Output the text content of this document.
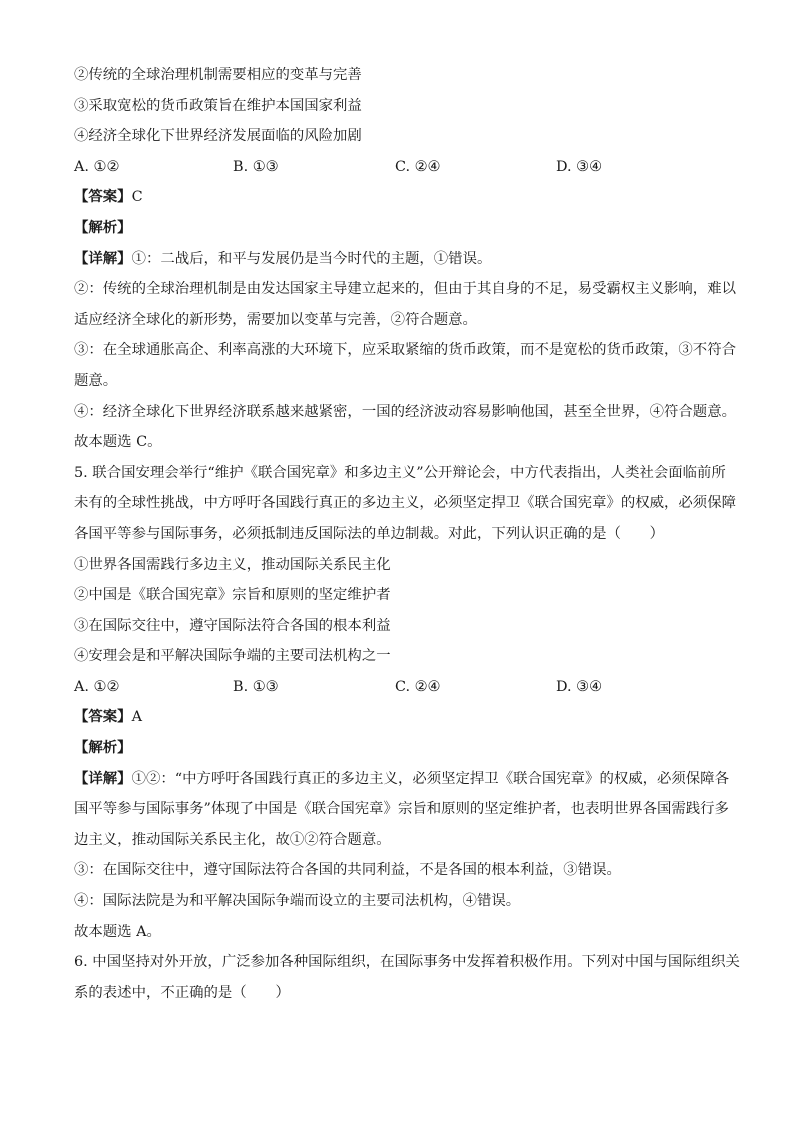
②传统的全球治理机制需要相应的变革与完善
③采取宽松的货币政策旨在维护本国国家利益
④经济全球化下世界经济发展面临的风险加剧
A. ①②	B. ①③	C. ②④	D. ③④
【答案】C
【解析】
【详解】①：二战后，和平与发展仍是当今时代的主题，①错误。
②：传统的全球治理机制是由发达国家主导建立起来的，但由于其自身的不足，易受霸权主义影响，难以
适应经济全球化的新形势，需要加以变革与完善，②符合题意。
③：在全球通胀高企、利率高涨的大环境下，应采取紧缩的货币政策，而不是宽松的货币政策，③不符合
题意。
④：经济全球化下世界经济联系越来越紧密，一国的经济波动容易影响他国，甚至全世界，④符合题意。
故本题选 C。
5. 联合国安理会举行“维护《联合国宪章》和多边主义”公开辩论会，中方代表指出，人类社会面临前所
未有的全球性挑战，中方呼吁各国践行真正的多边主义，必须坚定捍卫《联合国宪章》的权威，必须保障
各国平等参与国际事务，必须抵制违反国际法的单边制裁。对此，下列认识正确的是（　　）
①世界各国需践行多边主义，推动国际关系民主化
②中国是《联合国宪章》宗旨和原则的坚定维护者
③在国际交往中，遵守国际法符合各国的根本利益
④安理会是和平解决国际争端的主要司法机构之一
A. ①②	B. ①③	C. ②④	D. ③④
【答案】A
【解析】
【详解】①②：“中方呼吁各国践行真正的多边主义，必须坚定捍卫《联合国宪章》的权威，必须保障各
国平等参与国际事务”体现了中国是《联合国宪章》宗旨和原则的坚定维护者，也表明世界各国需践行多
边主义，推动国际关系民主化，故①②符合题意。
③：在国际交往中，遵守国际法符合各国的共同利益，不是各国的根本利益，③错误。
④：国际法院是为和平解决国际争端而设立的主要司法机构，④错误。
故本题选 A。
6. 中国坚持对外开放，广泛参加各种国际组织，在国际事务中发挥着积极作用。下列对中国与国际组织关
系的表述中，不正确的是（　　）
